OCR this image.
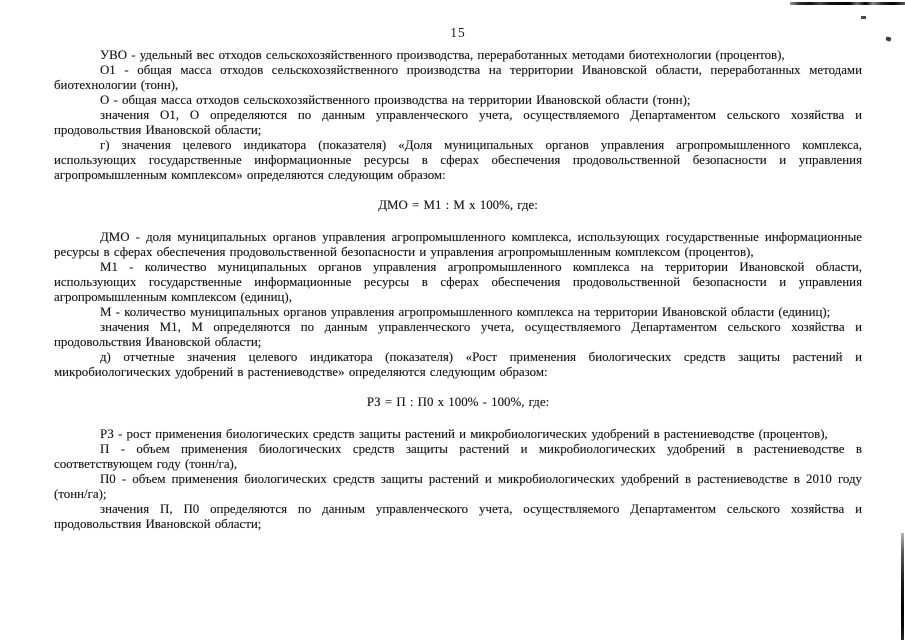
15

УВО - удельный вес отходов сельскохозяйственного производства, переработанных методами биотехнологии (процентов),

О1 - общая масса отходов сельскохозяйственного производства на территории Ивановской области, переработанных методами биотехнологии (тонн),

О - общая масса отходов сельскохозяйственного производства на территории Ивановской области (тонн);

значения О1, О определяются по данным управленческого учета, осуществляемого Департаментом сельского хозяйства и продовольствия Ивановской области;

г) значения целевого индикатора (показателя) «Доля муниципальных органов управления агропромышленного комплекса, использующих государственные информационные ресурсы в сферах обеспечения продовольственной безопасности и управления агропромышленным комплексом» определяются следующим образом:

ДМО = М1 : М х 100%, где:

ДМО - доля муниципальных органов управления агропромышленного комплекса, использующих государственные информационные ресурсы в сферах обеспечения продовольственной безопасности и управления агропромышленным комплексом (процентов),

М1 - количество муниципальных органов управления агропромышленного комплекса на территории Ивановской области, использующих государственные информационные ресурсы в сферах обеспечения продовольственной безопасности и управления агропромышленным комплексом (единиц),

М - количество муниципальных органов управления агропромышленного комплекса на территории Ивановской области (единиц);

значения М1, М определяются по данным управленческого учета, осуществляемого Департаментом сельского хозяйства и продовольствия Ивановской области;

д) отчетные значения целевого индикатора (показателя) «Рост применения биологических средств защиты растений и микробиологических удобрений в растениеводстве» определяются следующим образом:

РЗ = П : П0 х 100% - 100%, где:

РЗ - рост применения биологических средств защиты растений и микробиологических удобрений в растениеводстве (процентов),

П - объем применения биологических средств защиты растений и микробиологических удобрений в растениеводстве в соответствующем году (тонн/га),

П0 - объем применения биологических средств защиты растений и микробиологических удобрений в растениеводстве в 2010 году (тонн/га);

значения П, П0 определяются по данным управленческого учета, осуществляемого Департаментом сельского хозяйства и продовольствия Ивановской области;
